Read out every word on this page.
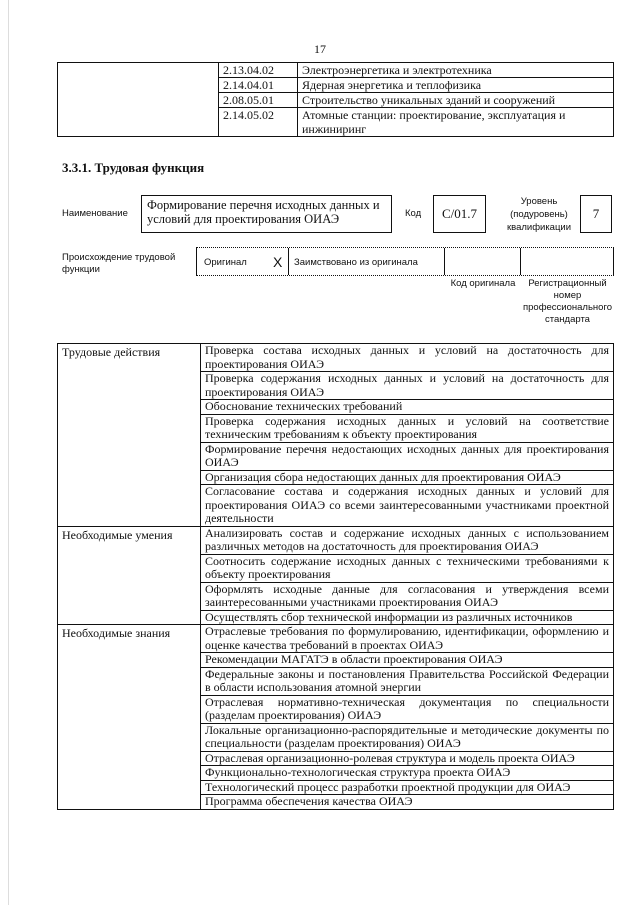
17
	2.13.04.02	Электроэнергетика и электротехника
	2.14.04.01	Ядерная энергетика и теплофизика
	2.08.05.01	Строительство уникальных зданий и сооружений
	2.14.05.02	Атомные станции: проектирование, эксплуатация и инжиниринг
3.3.1. Трудовая функция
Наименование
Формирование перечня исходных данных и условий для проектирования ОИАЭ	Код	C/01.7
Уровень (подуровень) квалификации
7
Происхождение трудовой функции
Оригинал X Заимствовано из оригинала
Код оригинала	Регистрационный номер профессионального стандарта
Трудовые действия	Проверка состава исходных данных и условий на достаточность для проектирования ОИАЭ
	Проверка содержания исходных данных и условий на достаточность для проектирования ОИАЭ
	Обоснование технических требований
	Проверка содержания исходных данных и условий на соответствие техническим требованиям к объекту проектирования
	Формирование перечня недостающих исходных данных для проектирования ОИАЭ
	Организация сбора недостающих данных для проектирования ОИАЭ
	Согласование состава и содержания исходных данных и условий для проектирования ОИАЭ со всеми заинтересованными участниками проектной деятельности
Необходимые умения	Анализировать состав и содержание исходных данных с использованием различных методов на достаточность для проектирования ОИАЭ
	Соотносить содержание исходных данных с техническими требованиями к объекту проектирования
	Оформлять исходные данные для согласования и утверждения всеми заинтересованными участниками проектирования ОИАЭ
	Осуществлять сбор технической информации из различных источников
Необходимые знания	Отраслевые требования по формулированию, идентификации, оформлению и оценке качества требований в проектах ОИАЭ
	Рекомендации МАГАТЭ в области проектирования ОИАЭ
	Федеральные законы и постановления Правительства Российской Федерации в области использования атомной энергии
	Отраслевая нормативно-техническая документация по специальности (разделам проектирования) ОИАЭ
	Локальные организационно-распорядительные и методические документы по специальности (разделам проектирования) ОИАЭ
	Отраслевая организационно-ролевая структура и модель проекта ОИАЭ
	Функционально-технологическая структура проекта ОИАЭ
	Технологический процесс разработки проектной продукции для ОИАЭ
	Программа обеспечения качества ОИАЭ
